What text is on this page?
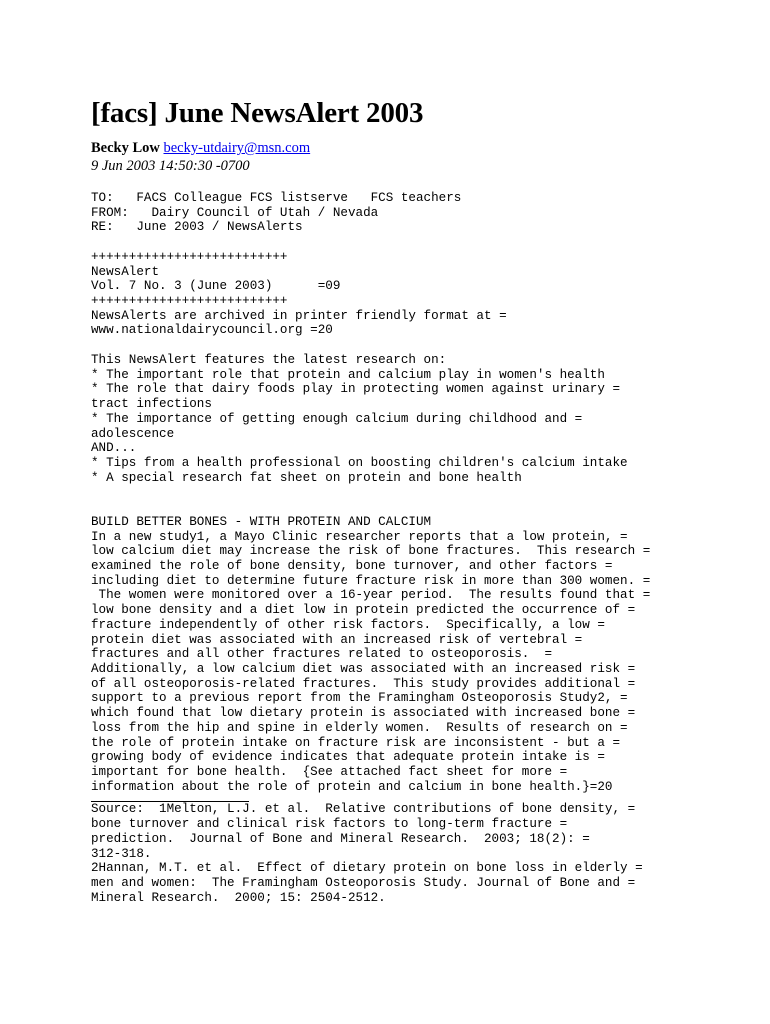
[facs] June NewsAlert 2003
Becky Low becky-utdairy@msn.com
9 Jun 2003 14:50:30 -0700
TO:   FACS Colleague FCS listserve   FCS teachers
FROM:   Dairy Council of Utah / Nevada
RE:   June 2003 / NewsAlerts
++++++++++++++++++++++++++
NewsAlert
Vol. 7 No. 3 (June 2003)      =09
++++++++++++++++++++++++++
NewsAlerts are archived in printer friendly format at =
www.nationaldairycouncil.org =20
This NewsAlert features the latest research on:
* The important role that protein and calcium play in women's health
* The role that dairy foods play in protecting women against urinary =
tract infections
* The importance of getting enough calcium during childhood and =
adolescence
AND...
* Tips from a health professional on boosting children's calcium intake
* A special research fat sheet on protein and bone health
BUILD BETTER BONES - WITH PROTEIN AND CALCIUM
In a new study1, a Mayo Clinic researcher reports that a low protein, =
low calcium diet may increase the risk of bone fractures.  This research =
examined the role of bone density, bone turnover, and other factors =
including diet to determine future fracture risk in more than 300 women. =
The women were monitored over a 16-year period.  The results found that =
low bone density and a diet low in protein predicted the occurrence of =
fracture independently of other risk factors.  Specifically, a low =
protein diet was associated with an increased risk of vertebral =
fractures and all other fractures related to osteoporosis.  =
Additionally, a low calcium diet was associated with an increased risk =
of all osteoporosis-related fractures.  This study provides additional =
support to a previous report from the Framingham Osteoporosis Study2, =
which found that low dietary protein is associated with increased bone =
loss from the hip and spine in elderly women.  Results of research on =
the role of protein intake on fracture risk are inconsistent - but a =
growing body of evidence indicates that adequate protein intake is =
important for bone health.  {See attached fact sheet for more =
information about the role of protein and calcium in bone health.}=20
Source:  1Melton, L.J. et al.  Relative contributions of bone density, =
bone turnover and clinical risk factors to long-term fracture =
prediction.  Journal of Bone and Mineral Research.  2003; 18(2): =
312-318.
2Hannan, M.T. et al.  Effect of dietary protein on bone loss in elderly =
men and women:  The Framingham Osteoporosis Study. Journal of Bone and =
Mineral Research.  2000; 15: 2504-2512.
